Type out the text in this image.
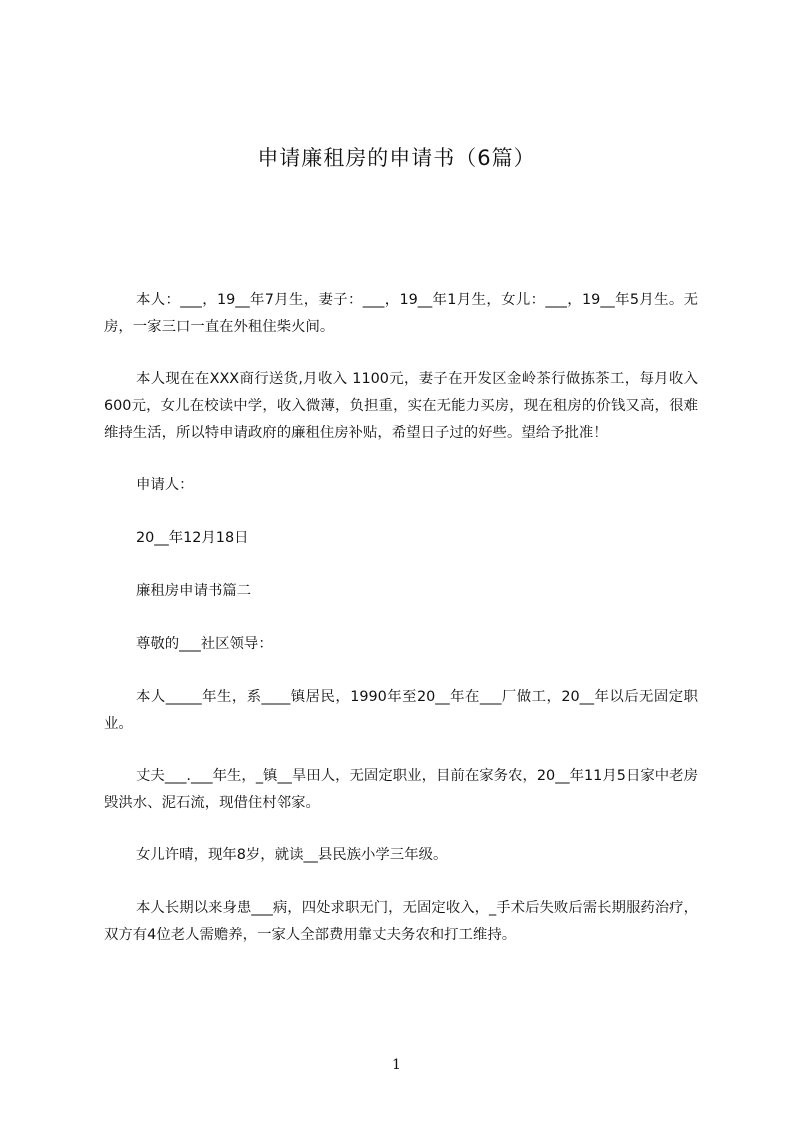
申请廉租房的申请书（6篇）

本人：___，19__年7月生，妻子：___，19__年1月生，女儿：___，19__年5月生。无房，一家三口一直在外租住柴火间。

本人现在在XXX商行送货,月收入 1100元，妻子在开发区金岭茶行做拣茶工，每月收入600元，女儿在校读中学，收入微薄，负担重，实在无能力买房，现在租房的价钱又高，很难维持生活，所以特申请政府的廉租住房补贴，希望日子过的好些。望给予批准！

申请人：

20__年12月18日

廉租房申请书篇二

尊敬的___社区领导：

本人_____年生，系____镇居民，1990年至20__年在___厂做工，20__年以后无固定职业。

丈夫___.___年生，_镇__旱田人，无固定职业，目前在家务农，20__年11月5日家中老房毁洪水、泥石流，现借住村邻家。

女儿许晴，现年8岁，就读__县民族小学三年级。

本人长期以来身患___病，四处求职无门，无固定收入，_手术后失败后需长期服药治疗，双方有4位老人需赡养，一家人全部费用靠丈夫务农和打工维持。

1
